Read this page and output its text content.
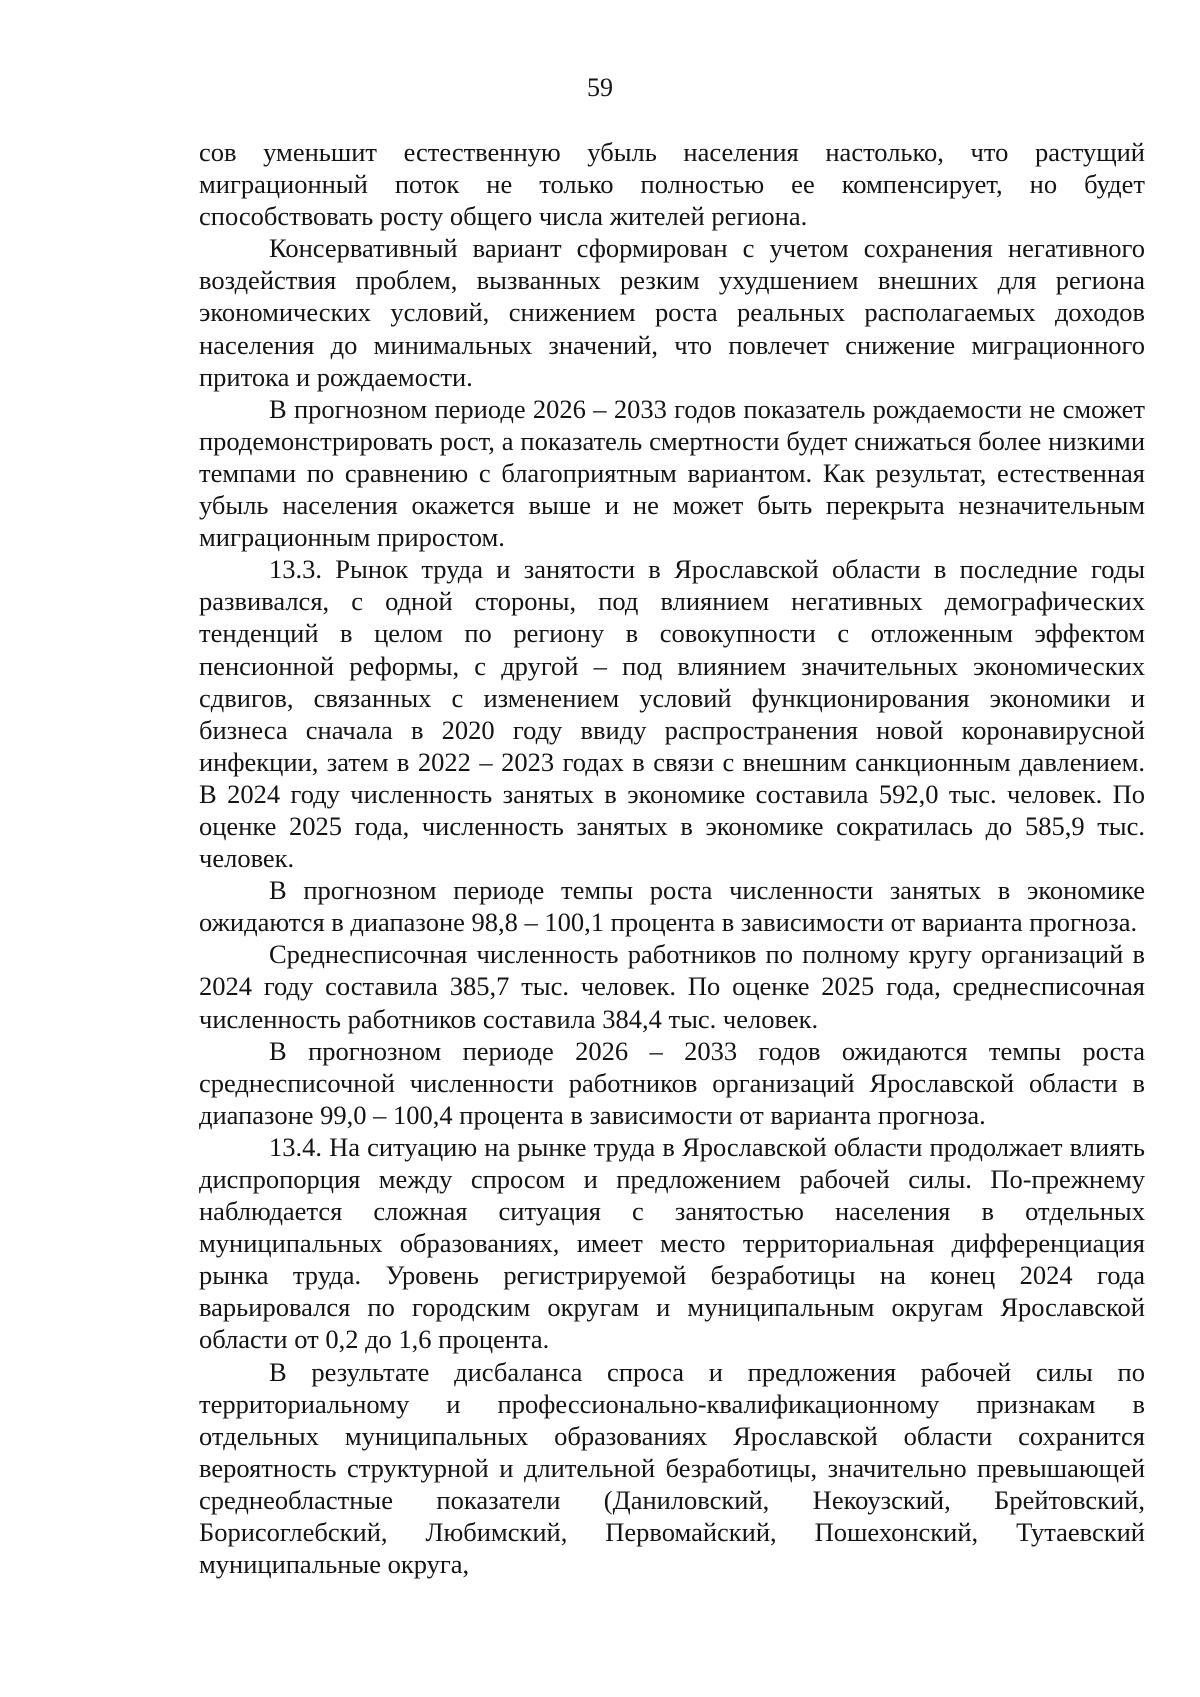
59

сов уменьшит естественную убыль населения настолько, что растущий миграционный поток не только полностью ее компенсирует, но будет способствовать росту общего числа жителей региона.

Консервативный вариант сформирован с учетом сохранения негативного воздействия проблем, вызванных резким ухудшением внешних для региона экономических условий, снижением роста реальных располагаемых доходов населения до минимальных значений, что повлечет снижение миграционного притока и рождаемости.

В прогнозном периоде 2026 – 2033 годов показатель рождаемости не сможет продемонстрировать рост, а показатель смертности будет снижаться более низкими темпами по сравнению с благоприятным вариантом. Как результат, естественная убыль населения окажется выше и не может быть перекрыта незначительным миграционным приростом.

13.3. Рынок труда и занятости в Ярославской области в последние годы развивался, с одной стороны, под влиянием негативных демографических тенденций в целом по региону в совокупности с отложенным эффектом пенсионной реформы, с другой – под влиянием значительных экономических сдвигов, связанных с изменением условий функционирования экономики и бизнеса сначала в 2020 году ввиду распространения новой коронавирусной инфекции, затем в 2022 – 2023 годах в связи с внешним санкционным давлением. В 2024 году численность занятых в экономике составила 592,0 тыс. человек. По оценке 2025 года, численность занятых в экономике сократилась до 585,9 тыс. человек.

В прогнозном периоде темпы роста численности занятых в экономике ожидаются в диапазоне 98,8 – 100,1 процента в зависимости от варианта прогноза.

Среднесписочная численность работников по полному кругу организаций в 2024 году составила 385,7 тыс. человек. По оценке 2025 года, среднесписочная численность работников составила 384,4 тыс. человек.

В прогнозном периоде 2026 – 2033 годов ожидаются темпы роста среднесписочной численности работников организаций Ярославской области в диапазоне 99,0 – 100,4 процента в зависимости от варианта прогноза.

13.4. На ситуацию на рынке труда в Ярославской области продолжает влиять диспропорция между спросом и предложением рабочей силы. По-прежнему наблюдается сложная ситуация с занятостью населения в отдельных муниципальных образованиях, имеет место территориальная дифференциация рынка труда. Уровень регистрируемой безработицы на конец 2024 года варьировался по городским округам и муниципальным округам Ярославской области от 0,2 до 1,6 процента.

В результате дисбаланса спроса и предложения рабочей силы по территориальному и профессионально-квалификационному признакам в отдельных муниципальных образованиях Ярославской области сохранится вероятность структурной и длительной безработицы, значительно превышающей среднеобластные показатели (Даниловский, Некоузский, Брейтовский, Борисоглебский, Любимский, Первомайский, Пошехонский, Тутаевский муниципальные округа,
